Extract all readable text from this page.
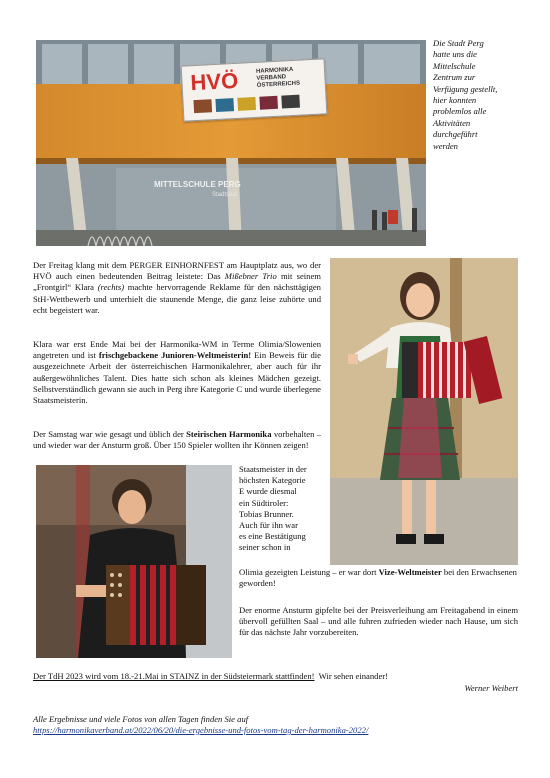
HVÖ	HARMONIKA
VERBAND
ÖSTERREICHS
MITTELSCHULE PERG
Stadtsaal
Die Stadt Perg
hatte uns die
Mittelschule
Zentrum zur
Verfügung gestellt,
hier konnten
problemlos alle
Aktivitäten
durchgeführt
werden
Der Freitag klang mit dem PERGER EINHORNFEST am Hauptplatz aus, wo der HVÖ auch einen bedeutenden Beitrag leistete: Das Mißebner Trio mit seinem „Frontgirl“ Klara (rechts) machte hervorragende Reklame für den nächsttägigen StH-Wettbewerb und unterhielt die staunende Menge, die ganz leise zuhörte und echt begeistert war.
Klara war erst Ende Mai bei der Harmonika-WM in Terme Olimia/Slowenien angetreten und ist frischgebackene Junioren-Weltmeisterin! Ein Beweis für die ausgezeichnete Arbeit der österreichischen Harmonikalehrer, aber auch für ihr außergewöhnliches Talent. Dies hatte sich schon als kleines Mädchen gezeigt. Selbstverständlich gewann sie auch in Perg ihre Kategorie C und wurde überlegene Staatsmeisterin.
Der Samstag war wie gesagt und üblich der Steirischen Harmonika vorbehalten – und wieder war der Ansturm groß. Über 150 Spieler wollten ihr Können zeigen!
Staatsmeister in der
höchsten Kategorie
E wurde diesmal
ein Südtiroler:
Tobias Brunner.
Auch für ihn war
es eine Bestätigung
seiner schon in
Olimia gezeigten Leistung – er war dort Vize-Weltmeister bei den Erwachsenen geworden!
Der enorme Ansturm gipfelte bei der Preisverleihung am Freitagabend in einem übervoll gefüllten Saal – und alle fuhren zufrieden wieder nach Hause, um sich für das nächste Jahr vorzubereiten.
Der TdH 2023 wird vom 18.-21.Mai in STAINZ in der Südsteiermark stattfinden! Wir sehen einander!
Werner Weibert
Alle Ergebnisse und viele Fotos von allen Tagen finden Sie auf
https://harmonikaverband.at/2022/06/20/die-ergebnisse-und-fotos-vom-tag-der-harmonika-2022/
